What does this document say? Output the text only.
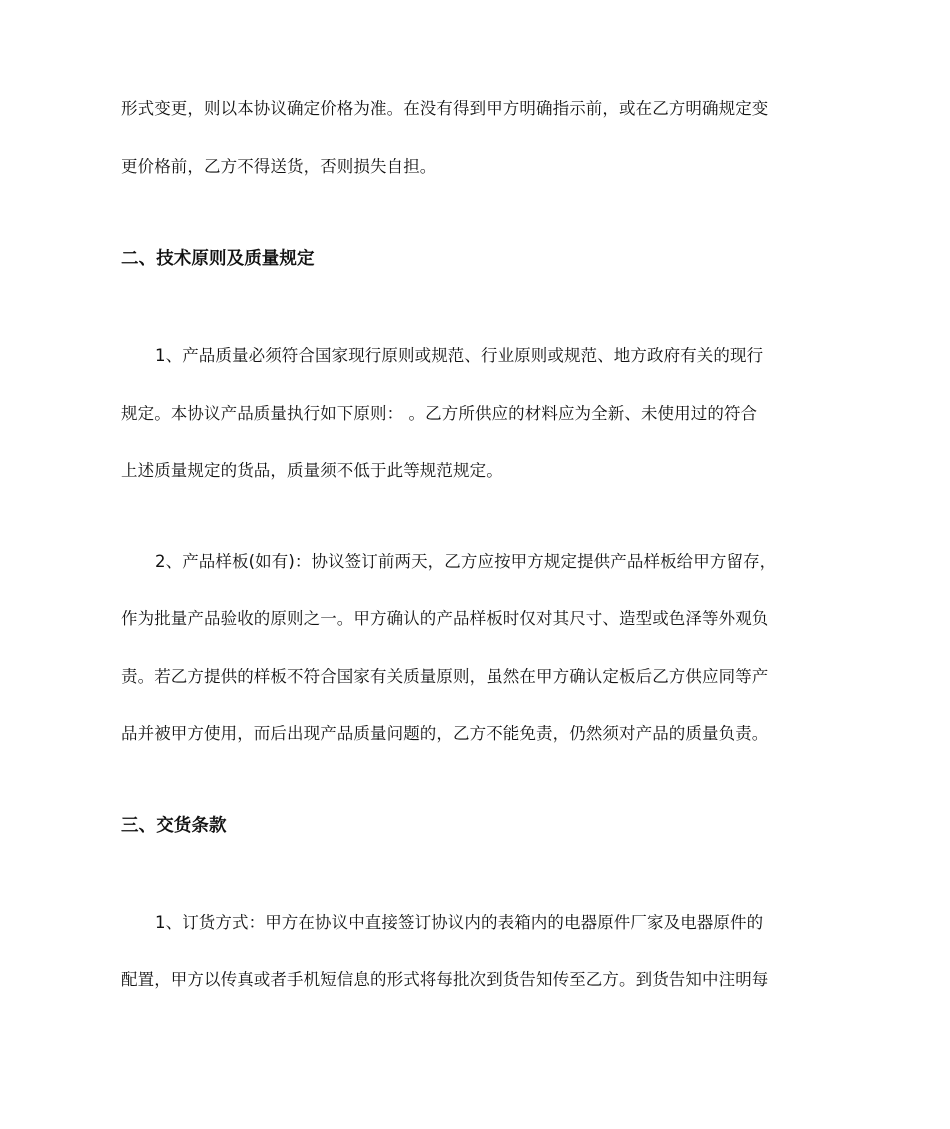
形式变更，则以本协议确定价格为准。在没有得到甲方明确指示前，或在乙方明确规定变
更价格前，乙方不得送货，否则损失自担。
二、技术原则及质量规定
1、产品质量必须符合国家现行原则或规范、行业原则或规范、地方政府有关的现行
规定。本协议产品质量执行如下原则： 。乙方所供应的材料应为全新、未使用过的符合
上述质量规定的货品，质量须不低于此等规范规定。
2、产品样板(如有)：协议签订前两天，乙方应按甲方规定提供产品样板给甲方留存，
作为批量产品验收的原则之一。甲方确认的产品样板时仅对其尺寸、造型或色泽等外观负
责。若乙方提供的样板不符合国家有关质量原则，虽然在甲方确认定板后乙方供应同等产
品并被甲方使用，而后出现产品质量问题的，乙方不能免责，仍然须对产品的质量负责。
三、交货条款
1、订货方式：甲方在协议中直接签订协议内的表箱内的电器原件厂家及电器原件的
配置，甲方以传真或者手机短信息的形式将每批次到货告知传至乙方。到货告知中注明每
